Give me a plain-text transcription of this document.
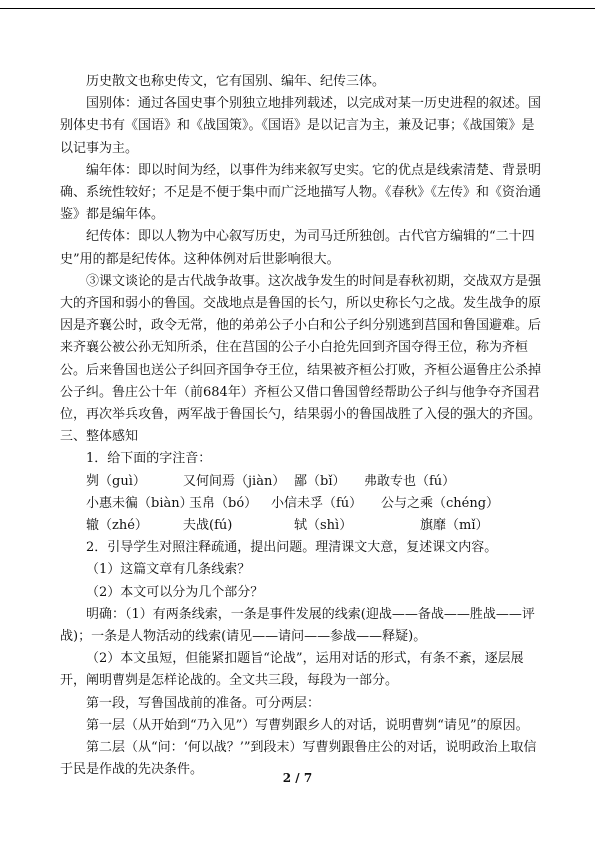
历史散文也称史传文，它有国别、编年、纪传三体。

国别体：通过各国史事个别独立地排列载述，以完成对某一历史进程的叙述。国别体史书有《国语》和《战国策》。《国语》是以记言为主，兼及记事；《战国策》是以记事为主。

编年体：即以时间为经，以事件为纬来叙写史实。它的优点是线索清楚、背景明确、系统性较好；不足是不便于集中而广泛地描写人物。《春秋》《左传》和《资治通鉴》都是编年体。

纪传体：即以人物为中心叙写历史，为司马迁所独创。古代官方编辑的“二十四史”用的都是纪传体。这种体例对后世影响很大。

③课文谈论的是古代战争故事。这次战争发生的时间是春秋初期，交战双方是强大的齐国和弱小的鲁国。交战地点是鲁国的长勺，所以史称长勺之战。发生战争的原因是齐襄公时，政令无常，他的弟弟公子小白和公子纠分别逃到莒国和鲁国避难。后来齐襄公被公孙无知所杀，住在莒国的公子小白抢先回到齐国夺得王位，称为齐桓公。后来鲁国也送公子纠回齐国争夺王位，结果被齐桓公打败，齐桓公逼鲁庄公杀掉公子纠。鲁庄公十年（前684年）齐桓公又借口鲁国曾经帮助公子纠与他争夺齐国君位，再次举兵攻鲁，两军战于鲁国长勺，结果弱小的鲁国战胜了入侵的强大的齐国。

三、整体感知

1．给下面的字注音：

刿（guì）	又何间焉（jiàn） 鄙（bǐ）	弗敢专也（fú）
小惠未徧（biàn）
玉帛（bó）	小信未孚（fú）	公与之乘（chéng）
辙（zhé）	夫战(fú)	轼（shì）	旗靡（mǐ）

2．引导学生对照注释疏通，提出问题。理清课文大意，复述课文内容。

（1）这篇文章有几条线索？

（2）本文可以分为几个部分？

明确：（1）有两条线索，一条是事件发展的线索(迎战——备战——胜战——评战)；一条是人物活动的线索(请见——请问——参战——释疑)。

（2）本文虽短，但能紧扣题旨“论战”，运用对话的形式，有条不紊，逐层展开，阐明曹刿是怎样论战的。全文共三段，每段为一部分。

第一段，写鲁国战前的准备。可分两层：

第一层（从开始到“乃入见”）写曹刿跟乡人的对话，说明曹刿“请见”的原因。

第二层（从“问：‘何以战？’”到段末）写曹刿跟鲁庄公的对话，说明政治上取信于民是作战的先决条件。

2 / 7
